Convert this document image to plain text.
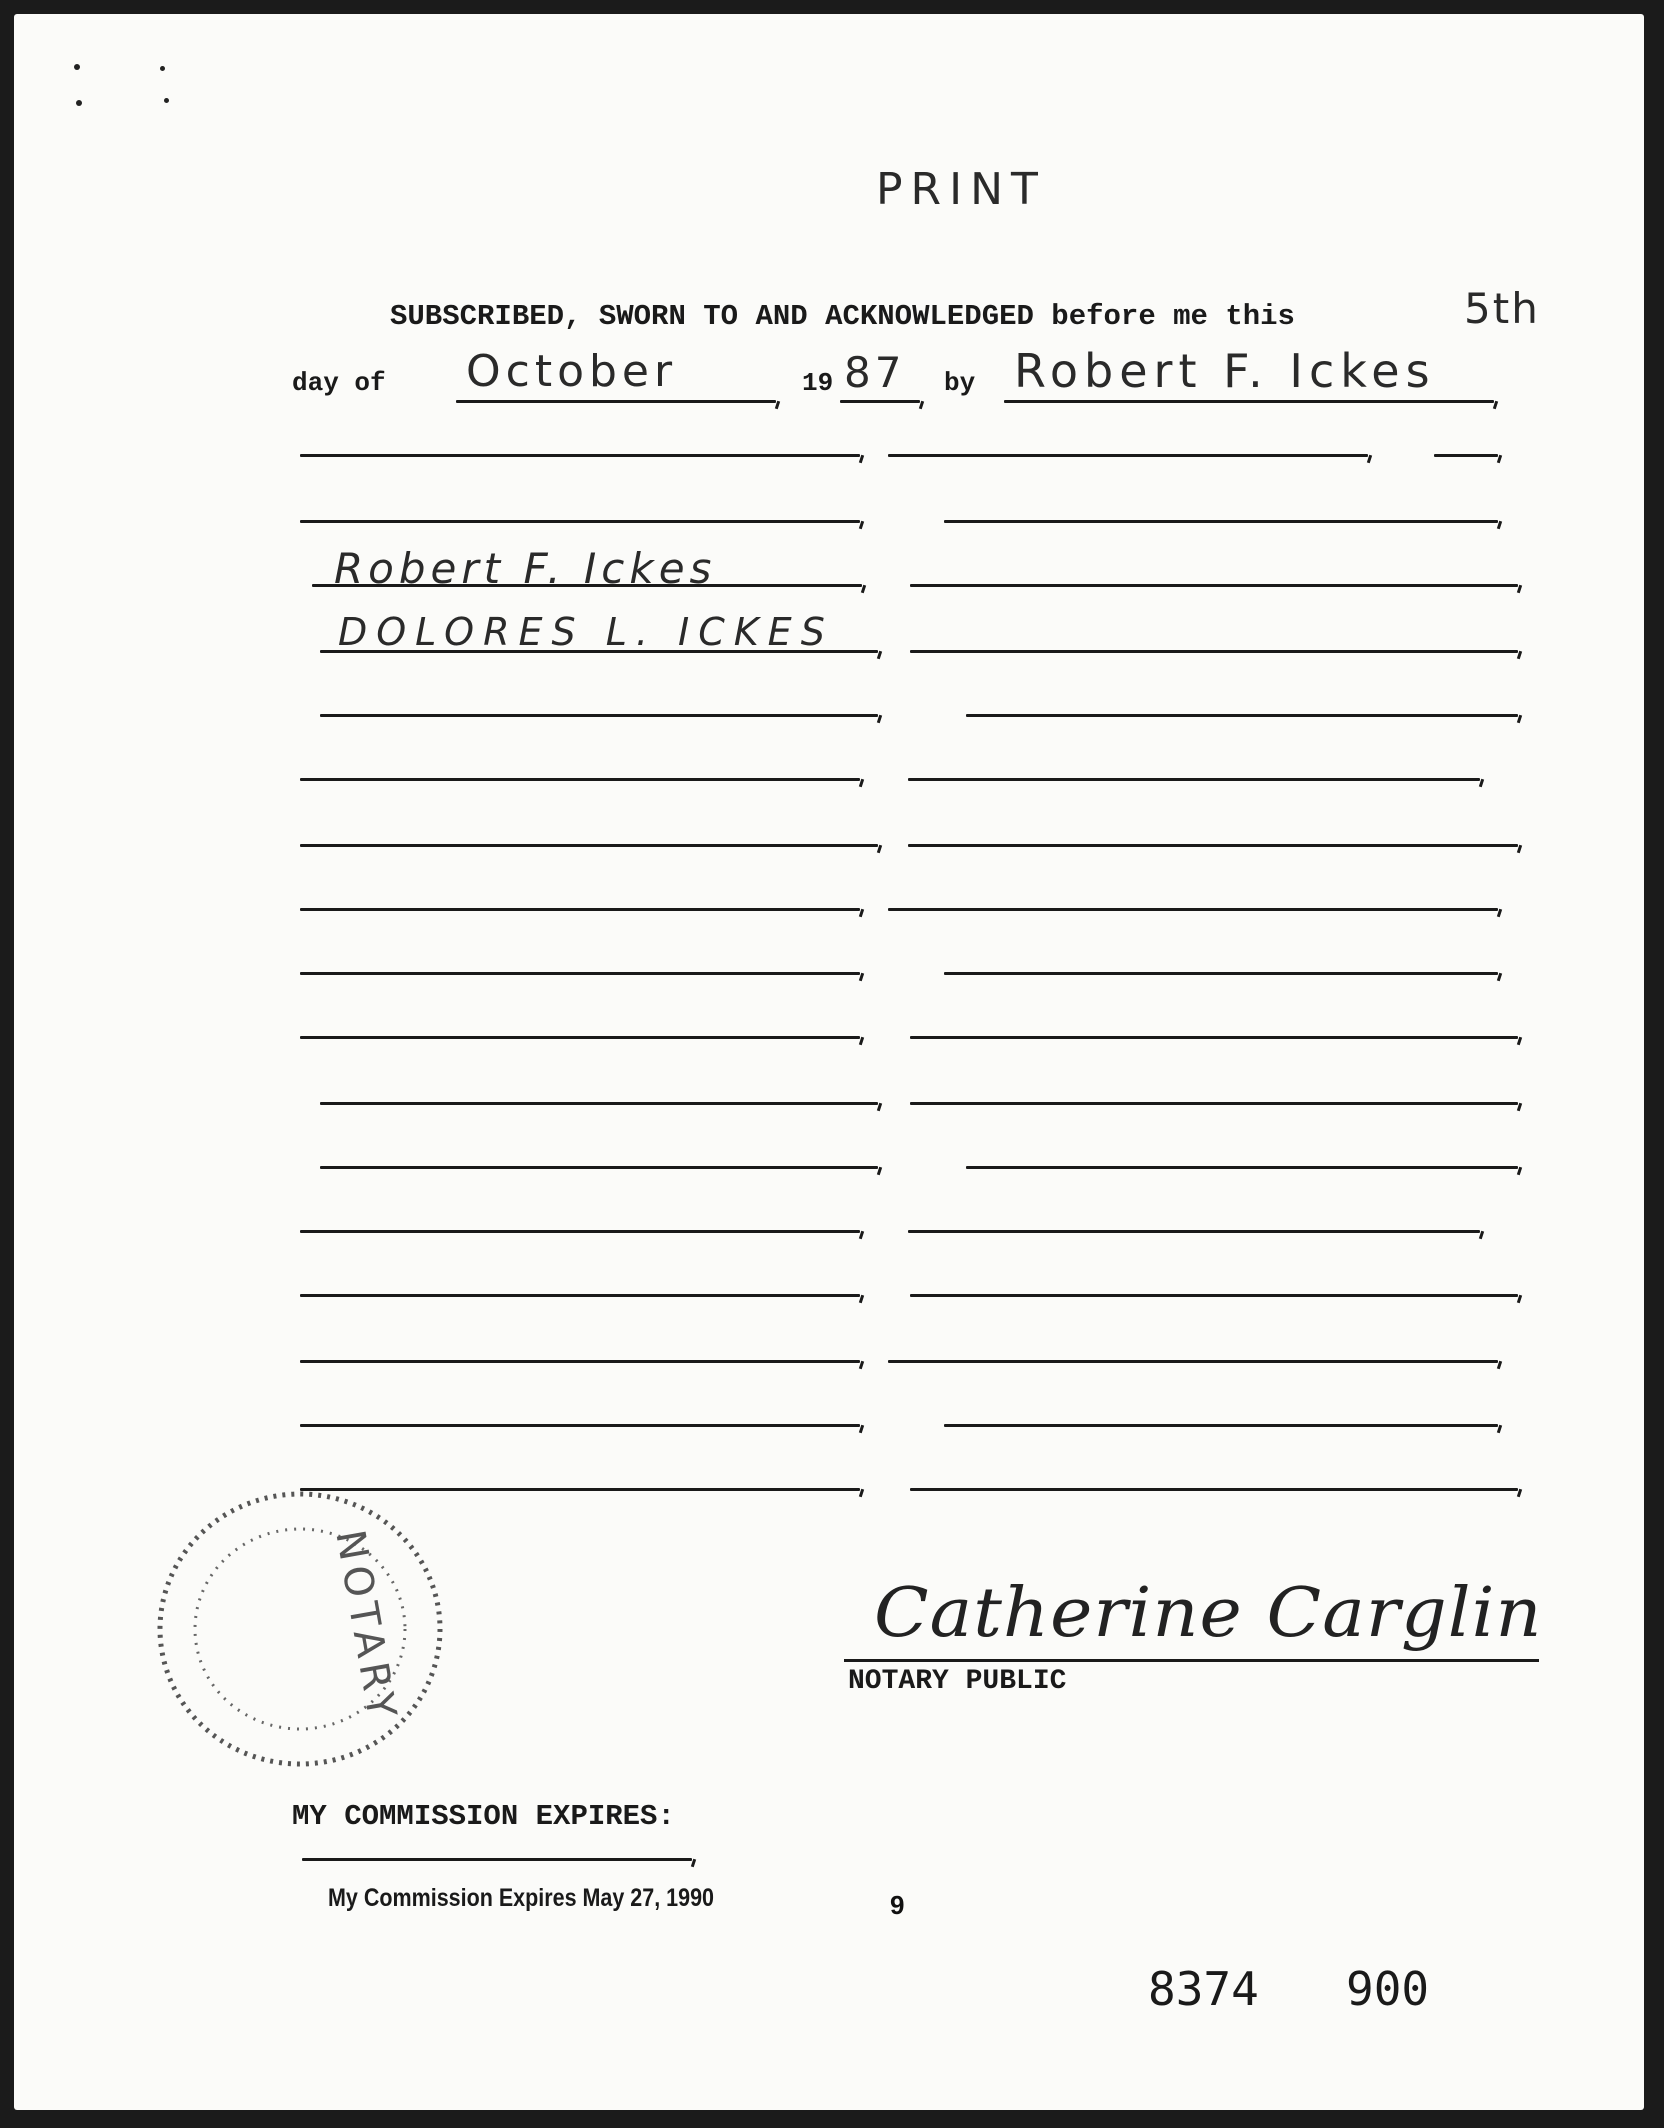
PRINT
SUBSCRIBED, SWORN TO AND ACKNOWLEDGED before me this	5th
day of October	19 87 by Robert F. Ickes
Robert F. Ickes
DOLORES L. ICKES
NOTARY	Catherine Carglin
NOTARY PUBLIC
MY COMMISSION EXPIRES:
My Commission Expires May 27, 1990	9
8374 900
